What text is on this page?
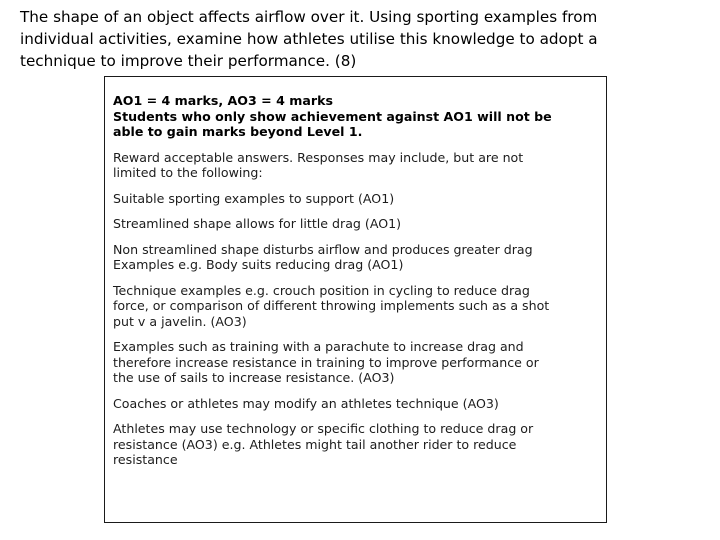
The shape of an object affects airflow over it. Using sporting examples from
individual activities, examine how athletes utilise this knowledge to adopt a
technique to improve their performance. (8)
AO1 = 4 marks, AO3 = 4 marks
Students who only show achievement against AO1 will not be
able to gain marks beyond Level 1.
Reward acceptable answers. Responses may include, but are not
limited to the following:
Suitable sporting examples to support (AO1)
Streamlined shape allows for little drag (AO1)
Non streamlined shape disturbs airflow and produces greater drag
Examples e.g. Body suits reducing drag (AO1)
Technique examples e.g. crouch position in cycling to reduce drag
force, or comparison of different throwing implements such as a shot
put v a javelin. (AO3)
Examples such as training with a parachute to increase drag and
therefore increase resistance in training to improve performance or
the use of sails to increase resistance. (AO3)
Coaches or athletes may modify an athletes technique (AO3)
Athletes may use technology or specific clothing to reduce drag or
resistance (AO3) e.g. Athletes might tail another rider to reduce
resistance
